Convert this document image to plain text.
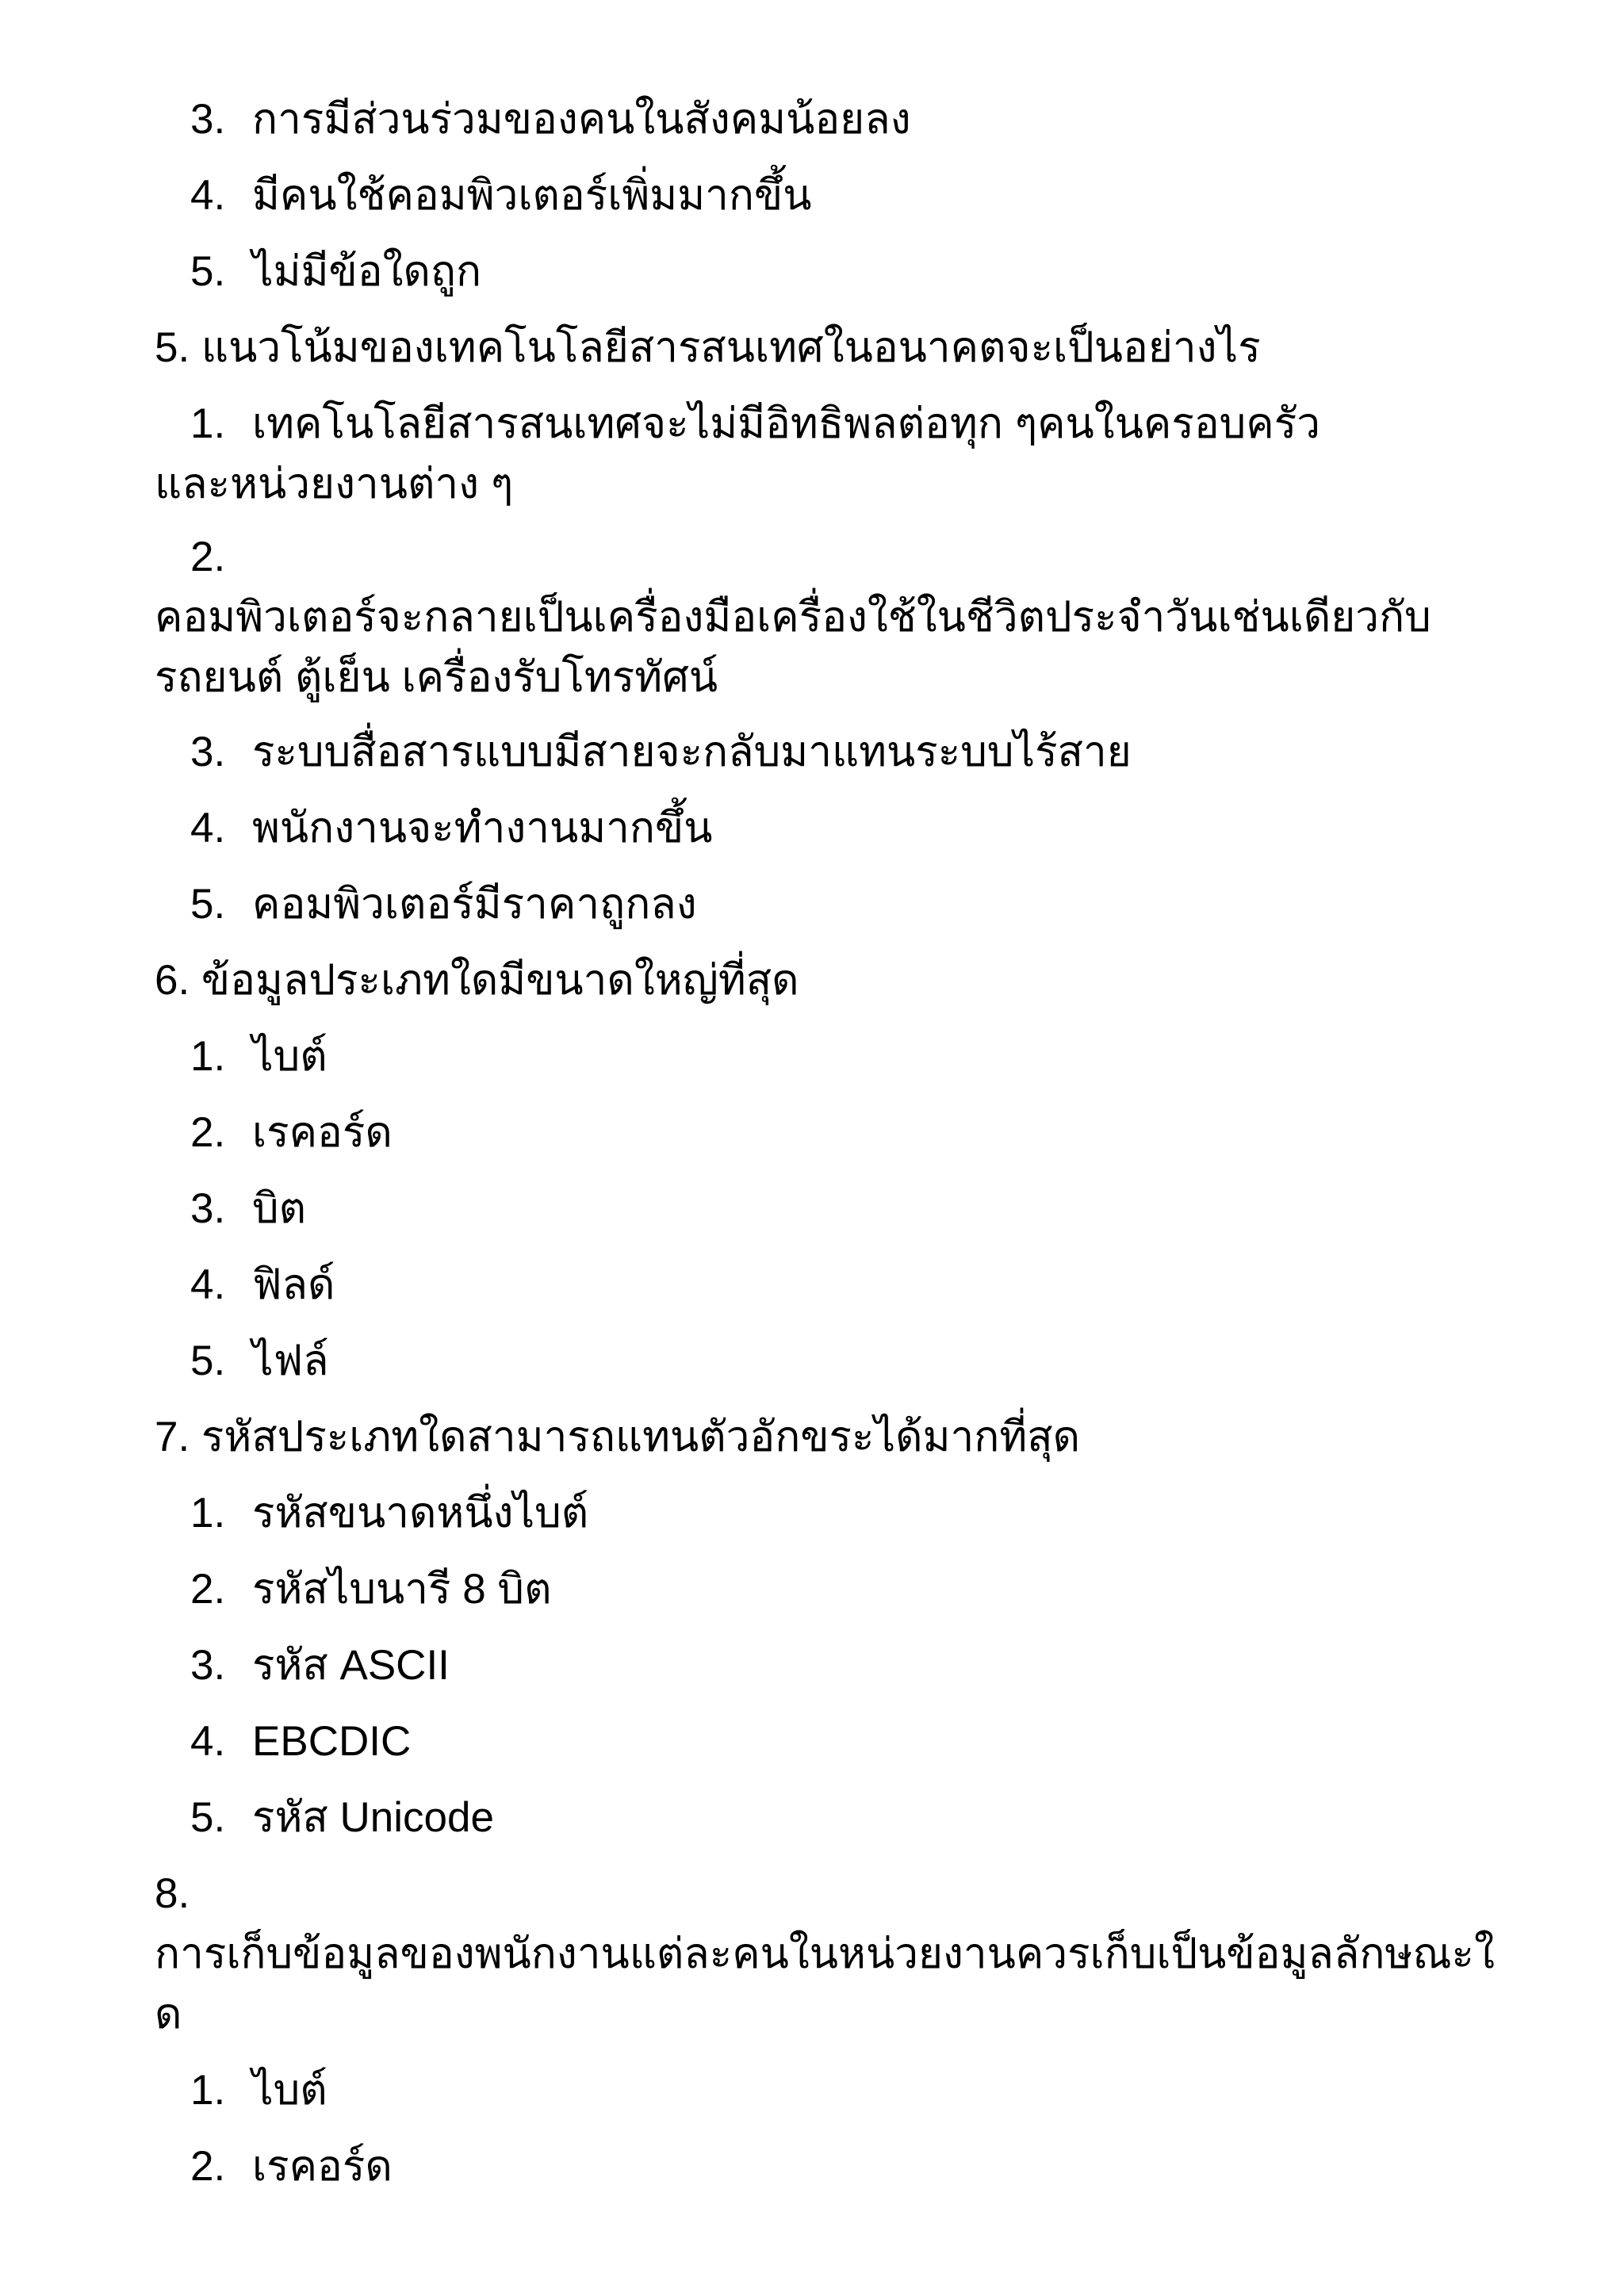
3. การมีส่วนร่วมของคนในสังคมน้อยลง
4. มีคนใช้คอมพิวเตอร์เพิ่มมากขึ้น
5. ไม่มีข้อใดถูก
5. แนวโน้มของเทคโนโลยีสารสนเทศในอนาคตจะเป็นอย่างไร
1. เทคโนโลยีสารสนเทศจะไม่มีอิทธิพลต่อทุก ๆคนในครอบครัว
และหน่วยงานต่าง ๆ
2.
คอมพิวเตอร์จะกลายเป็นเครื่องมือเครื่องใช้ในชีวิตประจำวันเช่นเดียวกับ
รถยนต์ ตู้เย็น เครื่องรับโทรทัศน์
3. ระบบสื่อสารแบบมีสายจะกลับมาแทนระบบไร้สาย
4. พนักงานจะทำงานมากขึ้น
5. คอมพิวเตอร์มีราคาถูกลง
6. ข้อมูลประเภทใดมีขนาดใหญ่ที่สุด
1. ไบต์
2. เรคอร์ด
3. บิต
4. ฟิลด์
5. ไฟล์
7. รหัสประเภทใดสามารถแทนตัวอักขระได้มากที่สุด
1. รหัสขนาดหนึ่งไบต์
2. รหัสไบนารี 8 บิต
3. รหัส ASCII
4. EBCDIC
5. รหัส Unicode
8.
การเก็บข้อมูลของพนักงานแต่ละคนในหน่วยงานควรเก็บเป็นข้อมูลลักษณะใ
ด
1. ไบต์
2. เรคอร์ด
